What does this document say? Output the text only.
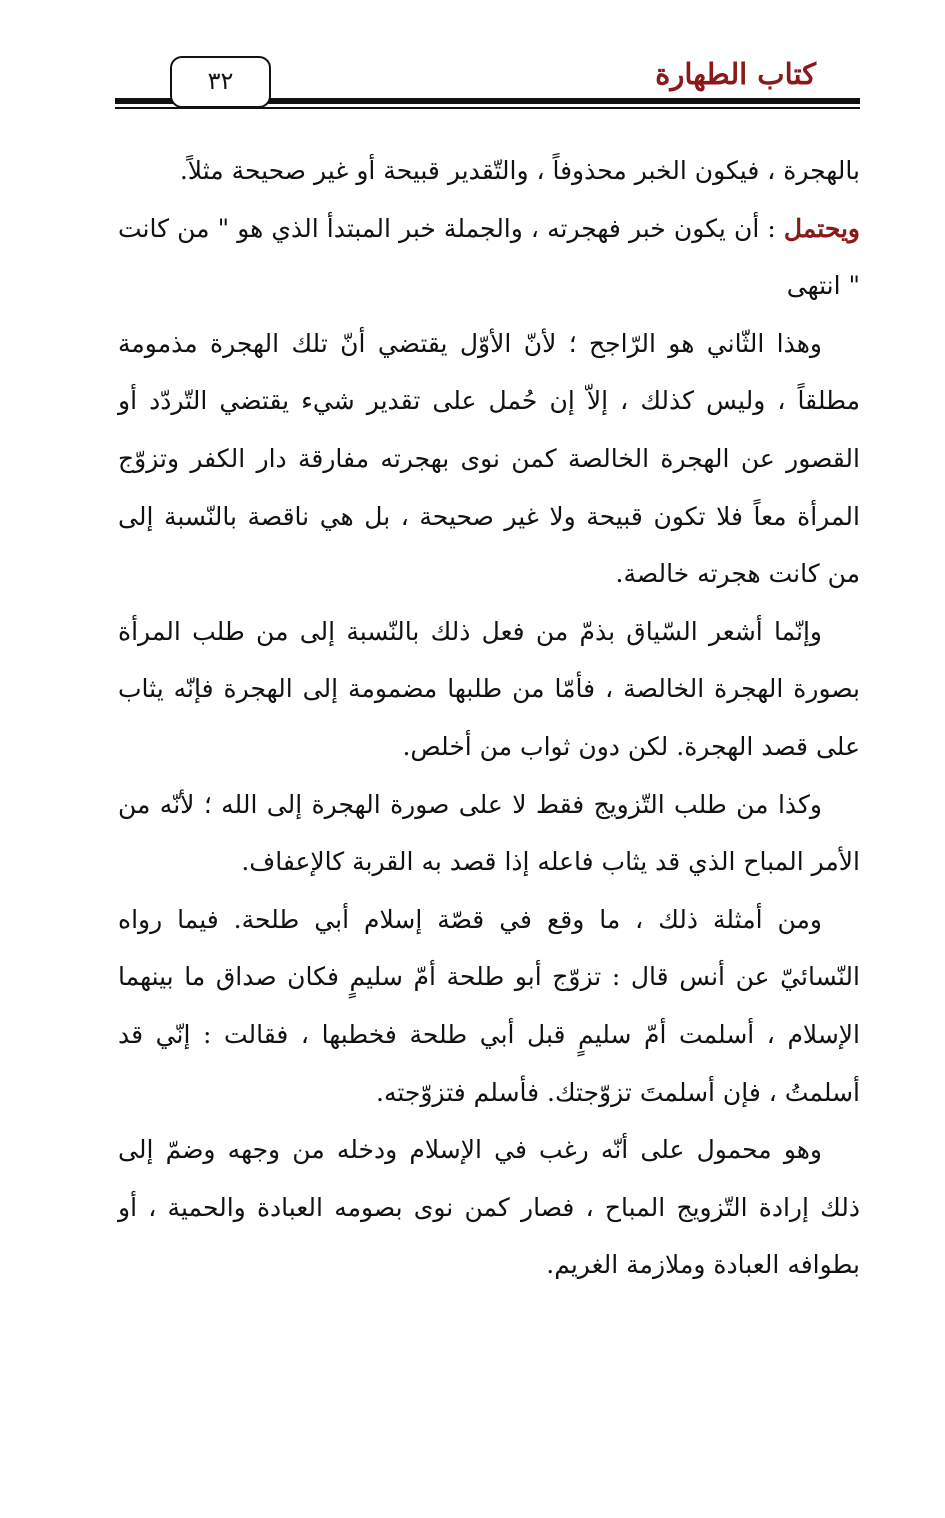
كتاب الطهارة
٣٢

بالهجرة ، فيكون الخبر محذوفاً ، والتّقدير قبيحة أو غير صحيحة مثلاً.

ويحتمل : أن يكون خبر فهجرته ، والجملة خبر المبتدأ الذي هو " من كانت " انتهى

وهذا الثّاني هو الرّاجح ؛ لأنّ الأوّل يقتضي أنّ تلك الهجرة مذمومة مطلقاً ، وليس كذلك ، إلاّ إن حُمل على تقدير شيء يقتضي التّردّد أو القصور عن الهجرة الخالصة كمن نوى بهجرته مفارقة دار الكفر وتزوّج المرأة معاً فلا تكون قبيحة ولا غير صحيحة ، بل هي ناقصة بالنّسبة إلى من كانت هجرته خالصة.

وإنّما أشعر السّياق بذمّ من فعل ذلك بالنّسبة إلى من طلب المرأة بصورة الهجرة الخالصة ، فأمّا من طلبها مضمومة إلى الهجرة فإنّه يثاب على قصد الهجرة. لكن دون ثواب من أخلص.

وكذا من طلب التّزويج فقط لا على صورة الهجرة إلى الله ؛ لأنّه من الأمر المباح الذي قد يثاب فاعله إذا قصد به القربة كالإعفاف.

ومن أمثلة ذلك ، ما وقع في قصّة إسلام أبي طلحة. فيما رواه النّسائيّ عن أنس قال : تزوّج أبو طلحة أمّ سليمٍ فكان صداق ما بينهما الإسلام ، أسلمت أمّ سليمٍ قبل أبي طلحة فخطبها ، فقالت : إنّي قد أسلمتُ ، فإن أسلمتَ تزوّجتك. فأسلم فتزوّجته.

وهو محمول على أنّه رغب في الإسلام ودخله من وجهه وضمّ إلى ذلك إرادة التّزويج المباح ، فصار كمن نوى بصومه العبادة والحمية ، أو بطوافه العبادة وملازمة الغريم.
